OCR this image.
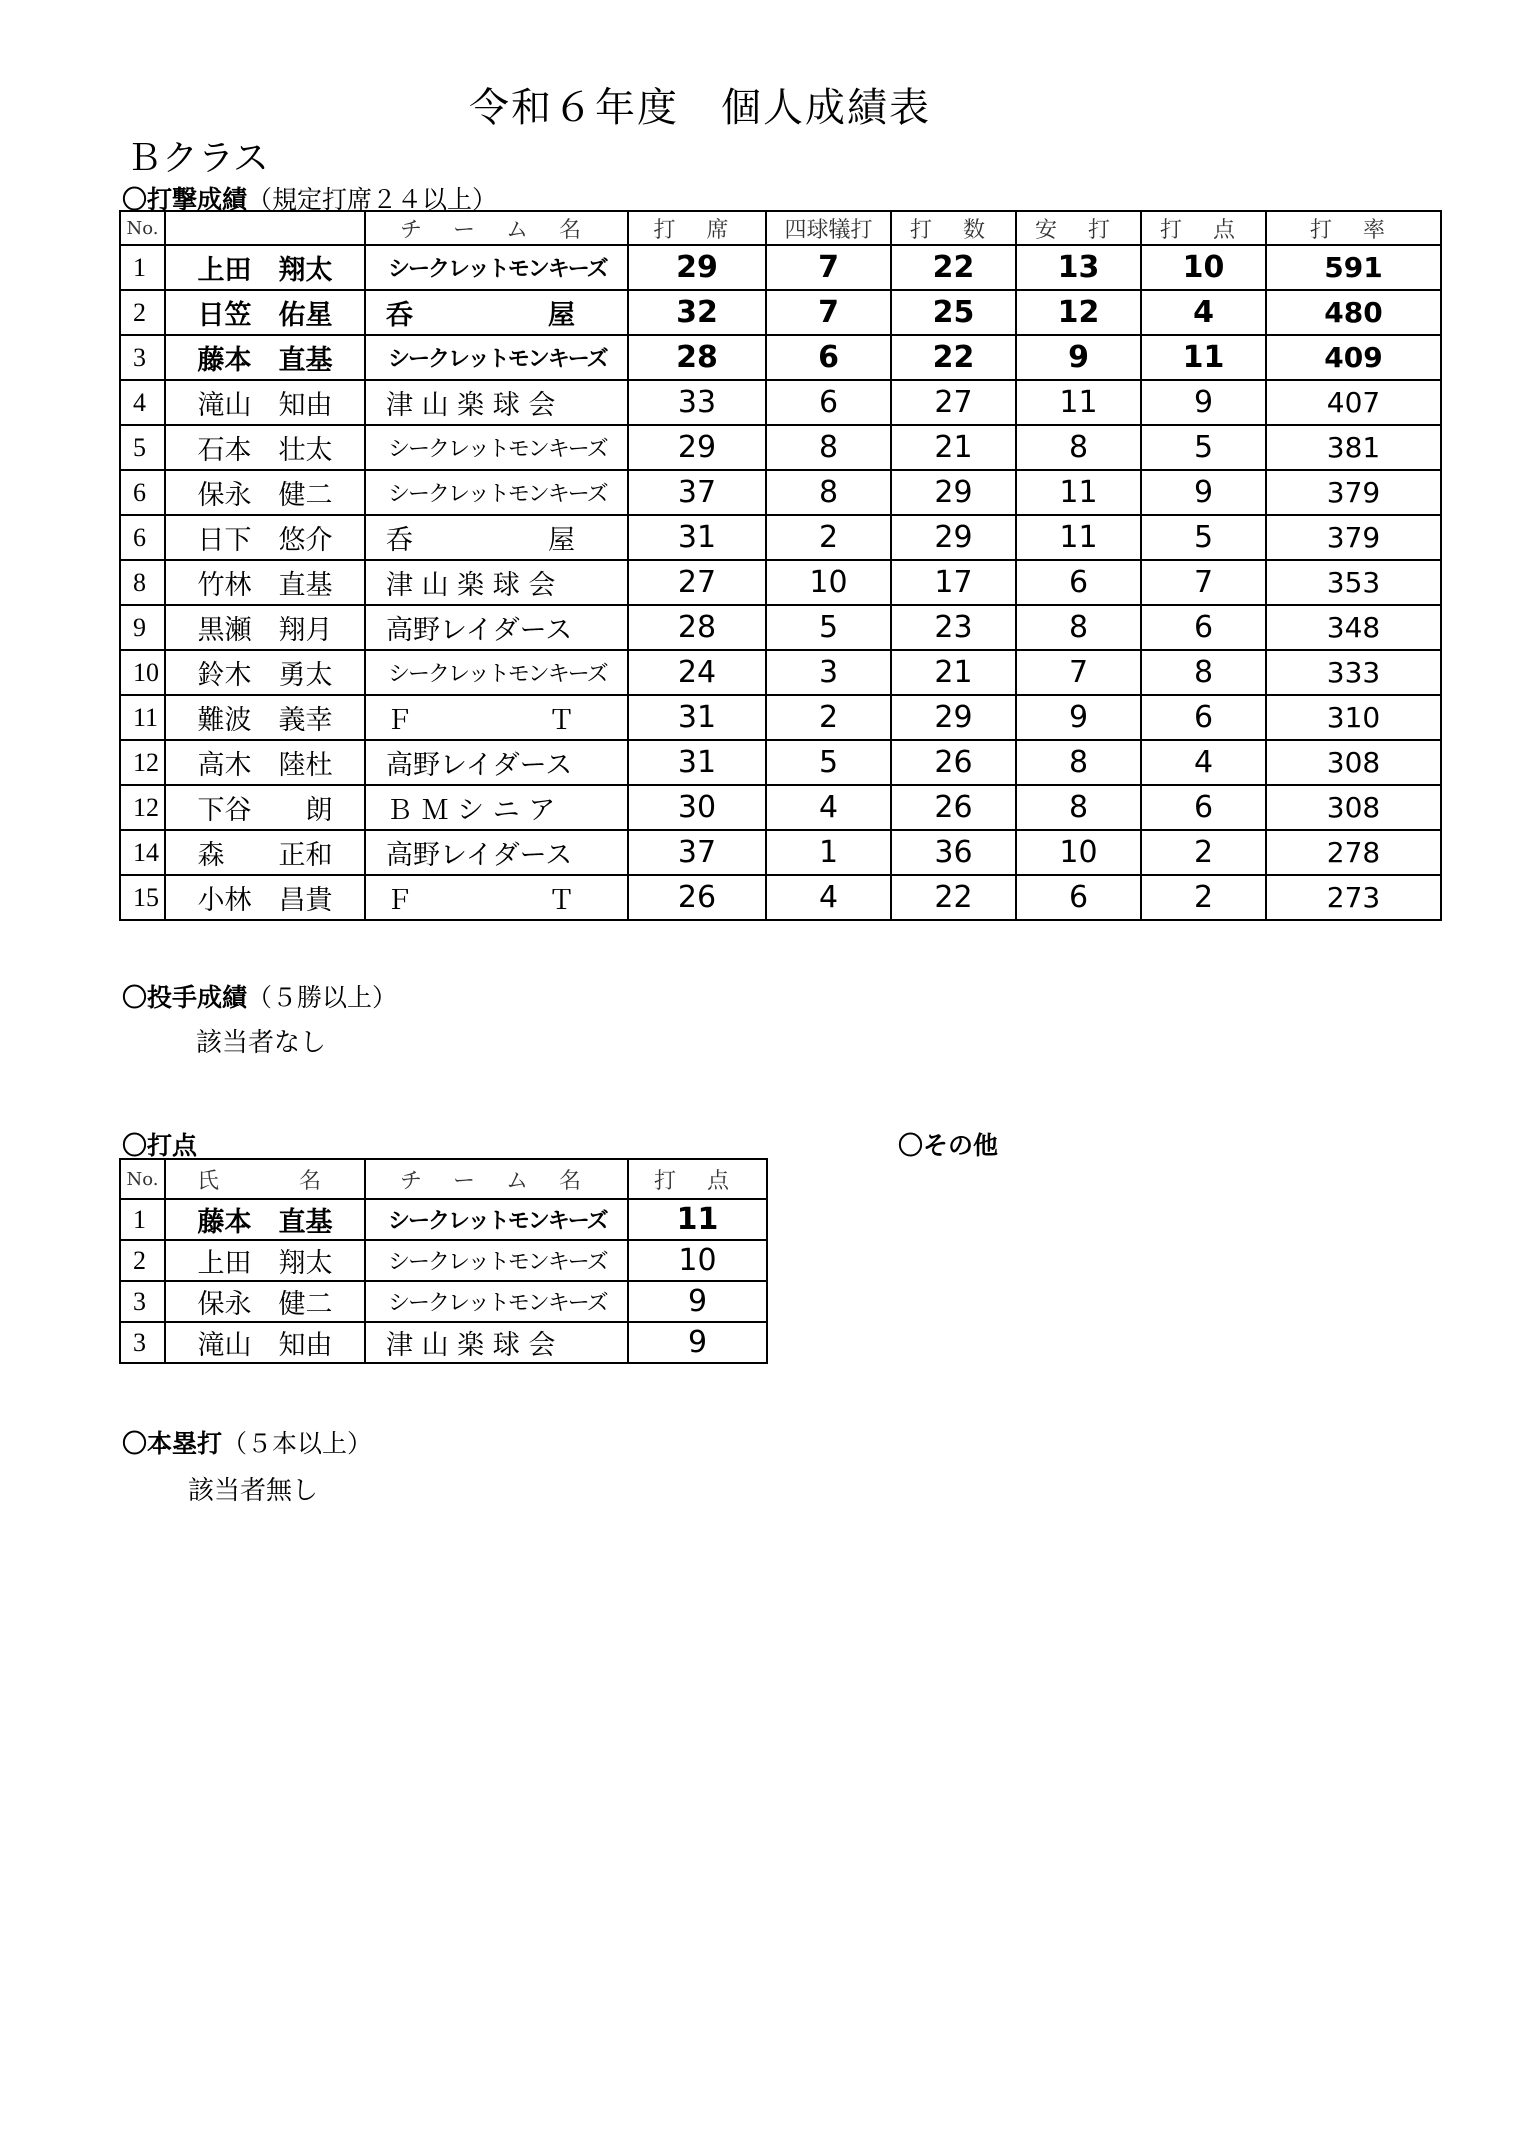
令和６年度　個人成績表
Ｂクラス
〇打撃成績（規定打席２４以上）
No.		チ ー ム 名	打 席	四球犠打	打 数	安 打	打 点	打 率
1	上田　翔太	シークレットモンキーズ	29	7	22	13	10	591
2	日笠　佑星	呑　　　　　屋	32	7	25	12	4	480
3	藤本　直基	シークレットモンキーズ	28	6	22	9	11	409
4	滝山　知由	津 山 楽 球 会	33	6	27	11	9	407
5	石本　壮太	シークレットモンキーズ	29	8	21	8	5	381
6	保永　健二	シークレットモンキーズ	37	8	29	11	9	379
6	日下　悠介	呑　　　　　屋	31	2	29	11	5	379
8	竹林　直基	津 山 楽 球 会	27	10	17	6	7	353
9	黒瀬　翔月	高野レイダース	28	5	23	8	6	348
10	鈴木　勇太	シークレットモンキーズ	24	3	21	7	8	333
11	難波　義幸	Ｆ　　　　　Ｔ	31	2	29	9	6	310
12	高木　陸杜	高野レイダース	31	5	26	8	4	308
12	下谷　　朗	Ｂ Ｍ シ ニ ア	30	4	26	8	6	308
14	森　　正和	高野レイダース	37	1	36	10	2	278
15	小林　昌貴	Ｆ　　　　　Ｔ	26	4	22	6	2	273
〇投手成績（５勝以上）
該当者なし
〇打点	〇その他
No.	氏　　名	チ ー ム 名	打 点
1	藤本　直基	シークレットモンキーズ	11
2	上田　翔太	シークレットモンキーズ	10
3	保永　健二	シークレットモンキーズ	9
3	滝山　知由	津 山 楽 球 会	9
〇本塁打（５本以上）
該当者無し
